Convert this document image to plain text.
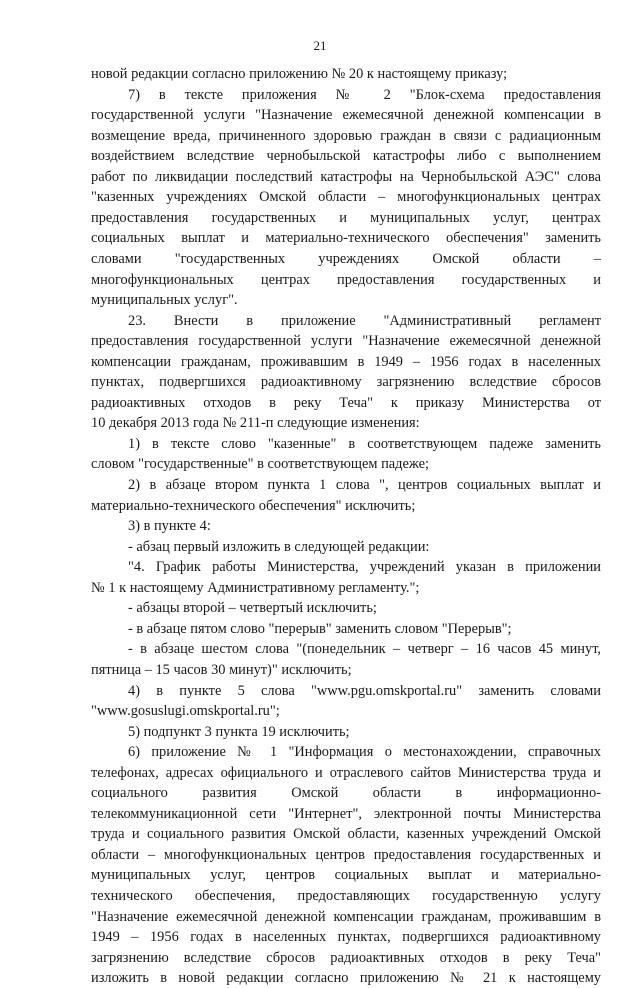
21
новой редакции согласно приложению № 20 к настоящему приказу;
7) в тексте приложения № 2 "Блок-схема предоставления
государственной услуги "Назначение ежемесячной денежной компенсации в
возмещение вреда, причиненного здоровью граждан в связи с радиационным
воздействием вследствие чернобыльской катастрофы либо с выполнением
работ по ликвидации последствий катастрофы на Чернобыльской АЭС" слова
"казенных учреждениях Омской области – многофункциональных центрах
предоставления государственных и муниципальных услуг, центрах
социальных выплат и материально-технического обеспечения" заменить
словами "государственных учреждениях Омской области –
многофункциональных центрах предоставления государственных и
муниципальных услуг".
23. Внести в приложение "Административный регламент
предоставления государственной услуги "Назначение ежемесячной денежной
компенсации гражданам, проживавшим в 1949 – 1956 годах в населенных
пунктах, подвергшихся радиоактивному загрязнению вследствие сбросов
радиоактивных отходов в реку Теча" к приказу Министерства от
10 декабря 2013 года № 211-п следующие изменения:
1) в тексте слово "казенные" в соответствующем падеже заменить
словом "государственные" в соответствующем падеже;
2) в абзаце втором пункта 1 слова ", центров социальных выплат и
материально-технического обеспечения" исключить;
3) в пункте 4:
- абзац первый изложить в следующей редакции:
"4. График работы Министерства, учреждений указан в приложении
№ 1 к настоящему Административному регламенту.";
- абзацы второй – четвертый исключить;
- в абзаце пятом слово "перерыв" заменить словом "Перерыв";
- в абзаце шестом слова "(понедельник – четверг – 16 часов 45 минут,
пятница – 15 часов 30 минут)" исключить;
4) в пункте 5 слова "www.pgu.omskportal.ru" заменить словами
"www.gosuslugi.omskportal.ru";
5) подпункт 3 пункта 19 исключить;
6) приложение № 1 "Информация о местонахождении, справочных
телефонах, адресах официального и отраслевого сайтов Министерства труда и
социального развития Омской области в информационно-
телекоммуникационной сети "Интернет", электронной почты Министерства
труда и социального развития Омской области, казенных учреждений Омской
области – многофункциональных центров предоставления государственных и
муниципальных услуг, центров социальных выплат и материально-
технического обеспечения, предоставляющих государственную услугу
"Назначение ежемесячной денежной компенсации гражданам, проживавшим в
1949 – 1956 годах в населенных пунктах, подвергшихся радиоактивному
загрязнению вследствие сбросов радиоактивных отходов в реку Теча"
изложить в новой редакции согласно приложению № 21 к настоящему
